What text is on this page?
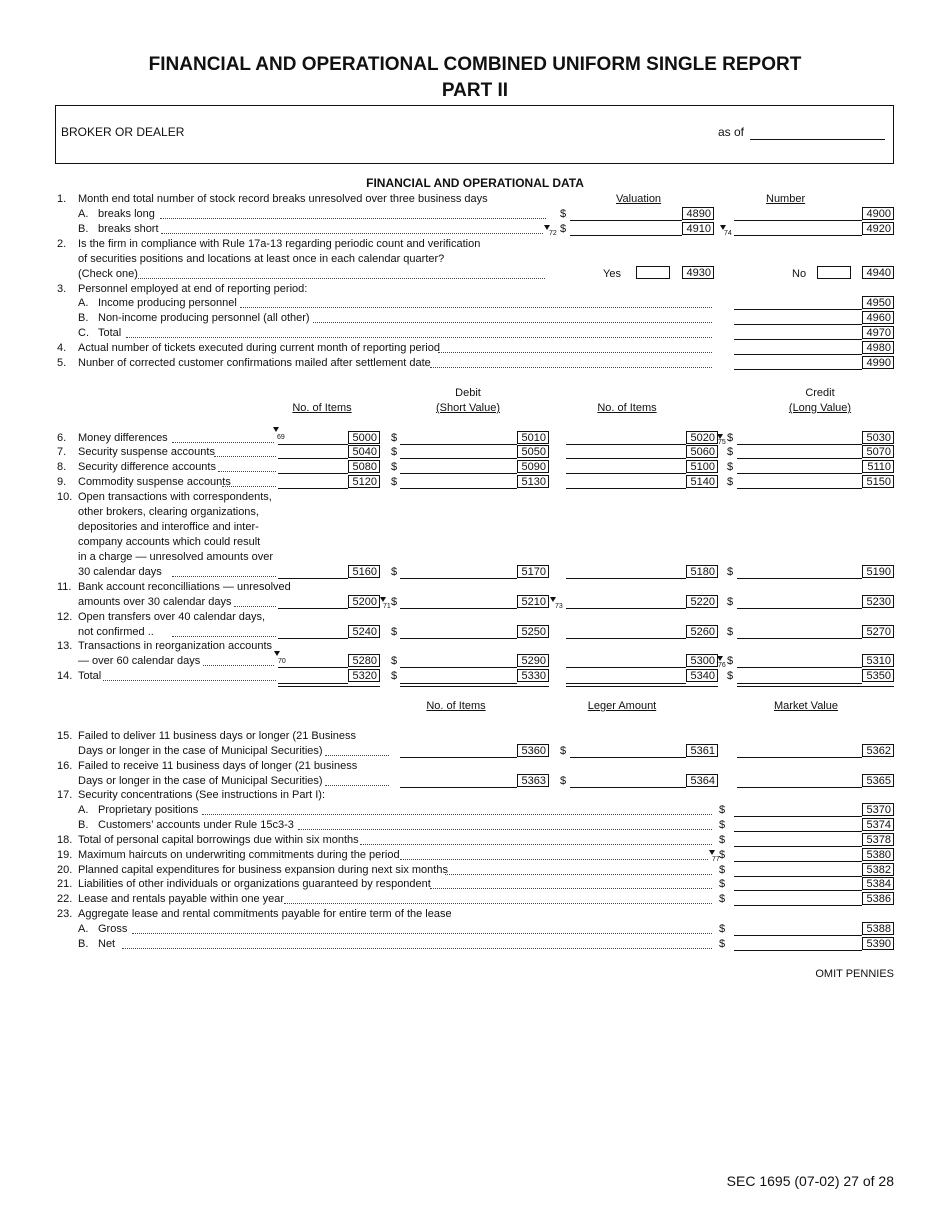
FINANCIAL AND OPERATIONAL COMBINED UNIFORM SINGLE REPORT
PART II
BROKER OR DEALER	as of
FINANCIAL AND OPERATIONAL DATA
Valuation	Number
1. Month end total number of stock record breaks unresolved over three business days
A. breaks long	$	4890	4900
B. breaks short	72 $	4910	74	4920
2. Is the firm in compliance with Rule 17a-13 regarding periodic count and verification
of securities positions and locations at least once in each calendar quarter?
(Check one)	Yes	4930	No	4940
3. Personnel employed at end of reporting period:
A. Income producing personnel	4950
B. Non-income producing personnel (all other)	4960
C. Total	4970
4. Actual number of tickets executed during current month of reporting period	4980
5. Nunber of corrected customer confirmations mailed after settlement date	4990
Debit
(Short Value)
Credit
(Long Value)
No. of Items	No. of Items
6. Money differences	69	5000 $	5010	5020 75 $	5030
7. Security suspense accounts	5040 $	5050	5060 $	5070
8. Security difference accounts	5080 $	5090	5100 $	5110
9. Commodity suspense accounts	5120 $	5130	5140 $	5150
10. Open transactions with correspondents,
other brokers, clearing organizations,
depositories and interoffice and inter-
company accounts which could result
in a charge — unresolved amounts over
30 calendar days	5160 $	5170	5180 $	5190
11. Bank account reconcilliations — unresolved
amounts over 30 calendar days	5200 71 $	5210	73	5220 $	5230
12. Open transfers over 40 calendar days,
not confirmed ..	5240 $	5250	5260 $	5270
13. Transactions in reorganization accounts
— over 60 calendar days	70	5280 $	5290	5300 76 $	5310
14. Total	5320 $	5330	5340 $	5350
No. of Items	Leger Amount	Market Value
15. Failed to deliver 11 business days or longer (21 Business
Days or longer in the case of Municipal Securities)	5360 $	5361	5362
16. Failed to receive 11 business days of longer (21 business
Days or longer in the case of Municipal Securities)	5363 $	5364	5365
17. Security concentrations (See instructions in Part I):
A. Proprietary positions	$	5370
B. Customers’ accounts under Rule 15c3-3	$	5374
18. Total of personal capital borrowings due within six months	$	5378
19. Maximum haircuts on underwriting commitments during the period	77 $	5380
20. Planned capital expenditures for business expansion during next six months	$	5382
21. Liabilities of other individuals or organizations guaranteed by respondent	$	5384
22. Lease and rentals payable within one year	$	5386
23. Aggregate lease and rental commitments payable for entire term of the lease
A. Gross	$	5388
B. Net	$	5390
OMIT PENNIES
SEC 1695 (07-02) 27 of 28
